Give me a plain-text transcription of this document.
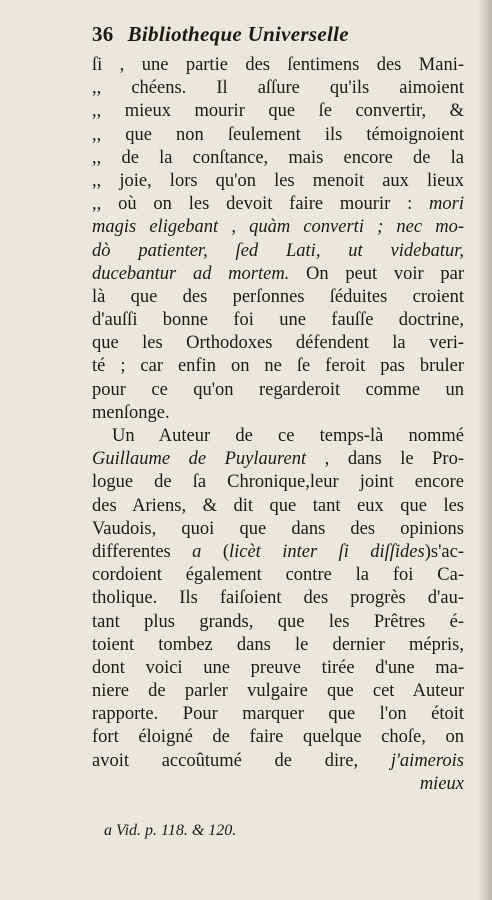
36 Bibliotheque Universelle
ſi , une partie des ſentimens des Mani-
,, chéens. Il aſſure qu'ils aimoient
,, mieux mourir que ſe convertir, &
,, que non ſeulement ils témoignoient
,, de la conſtance, mais encore de la
,, joie, lors qu'on les menoit aux lieux
,, où on les devoit faire mourir : mori
magis eligebant , quàm converti ; nec mo-
dò patienter, ſed Lati, ut videbatur,
ducebantur ad mortem. On peut voir par
là que des perſonnes ſéduites croient
d'auſſi bonne foi une fauſſe doctrine,
que les Orthodoxes défendent la veri-
té ; car enfin on ne ſe feroit pas bruler
pour ce qu'on regarderoit comme un
menſonge.
Un Auteur de ce temps-là nommé
Guillaume de Puylaurent , dans le Pro-
logue de ſa Chronique,leur joint encore
des Ariens, & dit que tant eux que les
Vaudois, quoi que dans des opinions
differentes a (licèt inter ſi diſſides)s'ac-
cordoient également contre la foi Ca-
tholique. Ils faiſoient des progrès d'au-
tant plus grands, que les Prêtres é-
toient tombez dans le dernier mépris,
dont voici une preuve tirée d'une ma-
niere de parler vulgaire que cet Auteur
rapporte. Pour marquer que l'on étoit
fort éloigné de faire quelque choſe, on
avoit accoûtumé de dire, j'aimerois
mieux
a Vid. p. 118. & 120.
